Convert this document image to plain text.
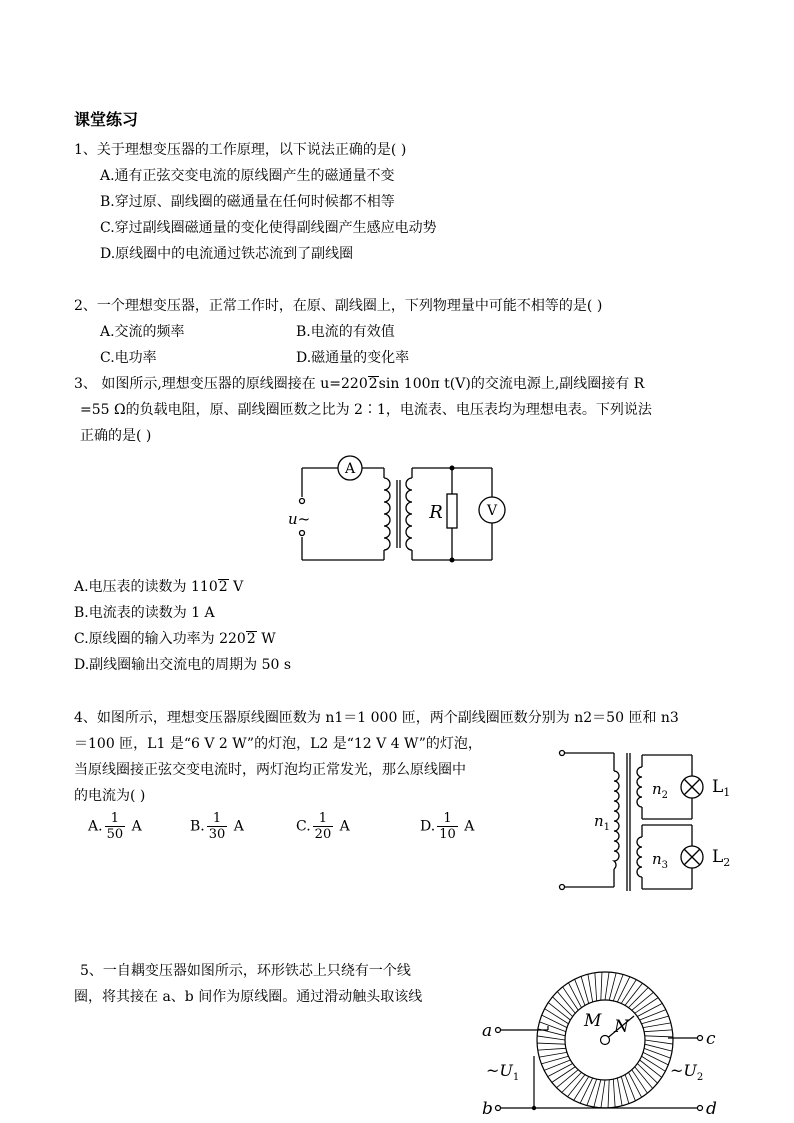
课堂练习
1、关于理想变压器的工作原理，以下说法正确的是( )
A.通有正弦交变电流的原线圈产生的磁通量不变
B.穿过原、副线圈的磁通量在任何时候都不相等
C.穿过副线圈磁通量的变化使得副线圈产生感应电动势
D.原线圈中的电流通过铁芯流到了副线圈
2、一个理想变压器，正常工作时，在原、副线圈上，下列物理量中可能不相等的是( )
A.交流的频率	B.电流的有效值
C.电功率	D.磁通量的变化率
3、 如图所示,理想变压器的原线圈接在 u=2202sin 100π t(V)的交流电源上,副线圈接有 R
=55 Ω的负载电阻，原、副线圈匝数之比为 2∶1，电流表、电压表均为理想电表。下列说法
正确的是( )
A
V
R
u~
A.电压表的读数为 1102 V
B.电流表的读数为 1 A
C.原线圈的输入功率为 2202 W
D.副线圈输出交流电的周期为 50 s
4、如图所示，理想变压器原线圈匝数为 n1＝1 000 匝，两个副线圈匝数分别为 n2＝50 匝和 n3
＝100 匝，L1 是“6 V 2 W”的灯泡，L2 是“12 V 4 W”的灯泡，
当原线圈接正弦交变电流时，两灯泡均正常发光，那么原线圈中
的电流为( )
A. $\frac{1}{50}$ A	B. $\frac{1}{30}$ A	C. $\frac{1}{20}$ A	D. $\frac{1}{10}$ A	$n_1$
$n_2$
$n_3$
$L_1$
$L_2$
5、一自耦变压器如图所示，环形铁芯上只绕有一个线
圈，将其接在 a、b 间作为原线圈。通过滑动触头取该线
a
b
c
d
M N
$\sim U_1$	$\sim U_2$
